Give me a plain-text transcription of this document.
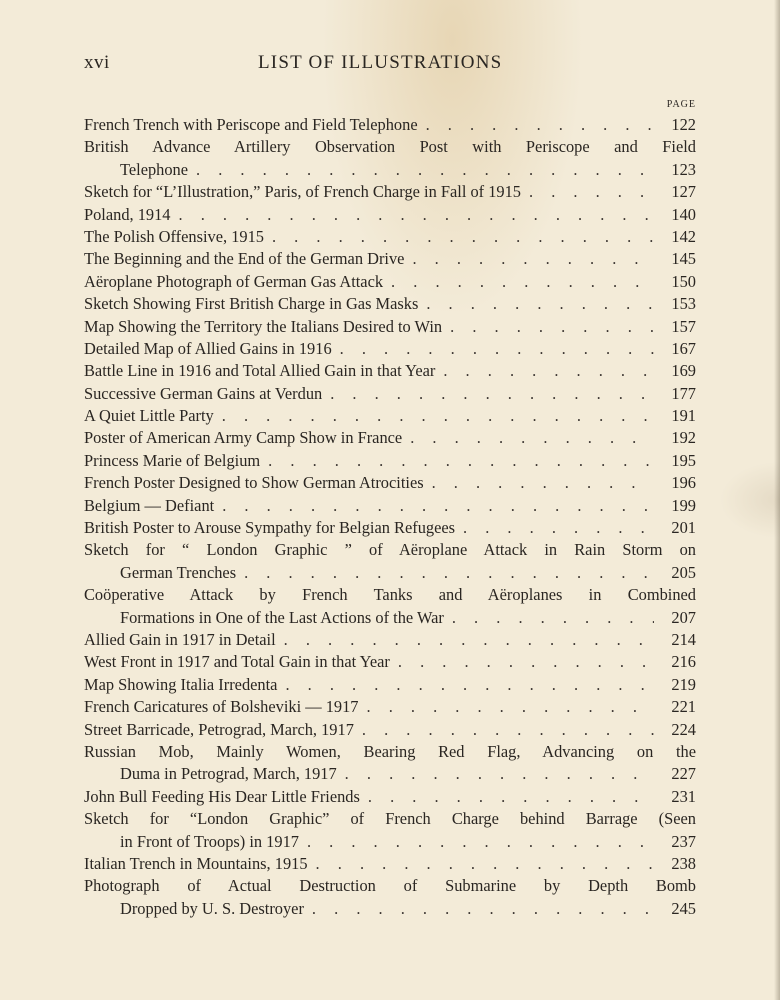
xvi	LIST OF ILLUSTRATIONS
PAGE
French Trench with Periscope and Field Telephone . . .	122
British Advance Artillery Observation Post with Periscope and Field
Telephone . . .	123
Sketch for “L’Illustration,” Paris, of French Charge in Fall of 1915 . . .	127
Poland, 1914 . . .	140
The Polish Offensive, 1915 . . .	142
The Beginning and the End of the German Drive . . .	145
Aëroplane Photograph of German Gas Attack . . .	150
Sketch Showing First British Charge in Gas Masks . . .	153
Map Showing the Territory the Italians Desired to Win . . .	157
Detailed Map of Allied Gains in 1916 . . .	167
Battle Line in 1916 and Total Allied Gain in that Year . . .	169
Successive German Gains at Verdun . . .	177
A Quiet Little Party . . .	191
Poster of American Army Camp Show in France . . .	192
Princess Marie of Belgium . . .	195
French Poster Designed to Show German Atrocities . . .	196
Belgium — Defiant . . .	199
British Poster to Arouse Sympathy for Belgian Refugees . . .	201
Sketch for “ London Graphic ” of Aëroplane Attack in Rain Storm on
German Trenches . . .	205
Coöperative Attack by French Tanks and Aëroplanes in Combined
Formations in One of the Last Actions of the War . . .	207
Allied Gain in 1917 in Detail . . .	214
West Front in 1917 and Total Gain in that Year . . .	216
Map Showing Italia Irredenta . . .	219
French Caricatures of Bolsheviki — 1917 . . .	221
Street Barricade, Petrograd, March, 1917 . . .	224
Russian Mob, Mainly Women, Bearing Red Flag, Advancing on the
Duma in Petrograd, March, 1917 . . .	227
John Bull Feeding His Dear Little Friends . . .	231
Sketch for “London Graphic” of French Charge behind Barrage (Seen
in Front of Troops) in 1917 . . .	237
Italian Trench in Mountains, 1915 . . .	238
Photograph of Actual Destruction of Submarine by Depth Bomb
Dropped by U. S. Destroyer . . .	245
